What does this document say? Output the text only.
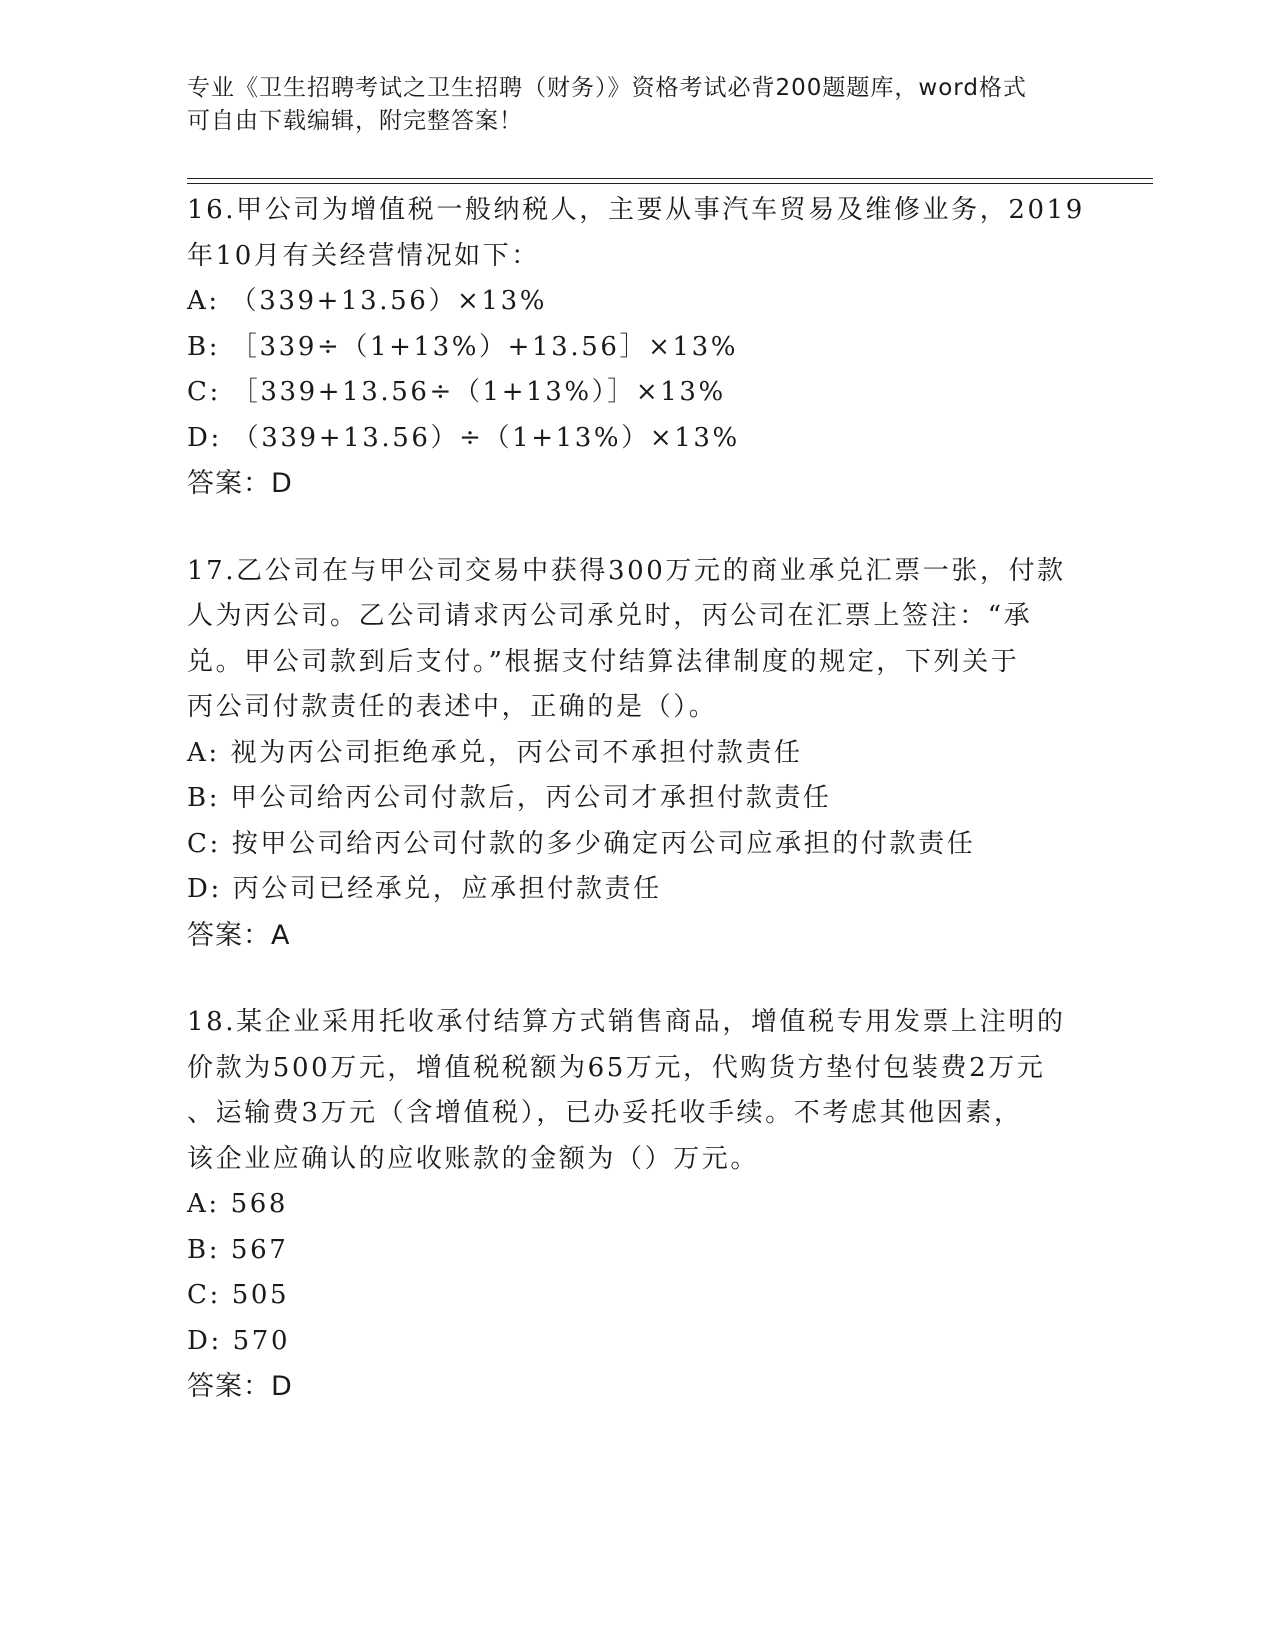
专业《卫生招聘考试之卫生招聘（财务）》资格考试必背200题题库，word格式
可自由下载编辑，附完整答案！
16.甲公司为增值税一般纳税人，主要从事汽车贸易及维修业务，2019
年10月有关经营情况如下：
A: （339+13.56）×13%
B: ［339÷（1+13%）+13.56］×13%
C: ［339+13.56÷（1+13%）］×13%
D: （339+13.56）÷（1+13%）×13%
答案：D
17.乙公司在与甲公司交易中获得300万元的商业承兑汇票一张，付款
人为丙公司。乙公司请求丙公司承兑时，丙公司在汇票上签注：“承
兑。甲公司款到后支付。”根据支付结算法律制度的规定，下列关于
丙公司付款责任的表述中，正确的是（）。
A: 视为丙公司拒绝承兑，丙公司不承担付款责任
B: 甲公司给丙公司付款后，丙公司才承担付款责任
C: 按甲公司给丙公司付款的多少确定丙公司应承担的付款责任
D: 丙公司已经承兑，应承担付款责任
答案：A
18.某企业采用托收承付结算方式销售商品，增值税专用发票上注明的
价款为500万元，增值税税额为65万元，代购货方垫付包装费2万元
、运输费3万元（含增值税），已办妥托收手续。不考虑其他因素，
该企业应确认的应收账款的金额为（）万元。
A: 568
B: 567
C: 505
D: 570
答案：D
